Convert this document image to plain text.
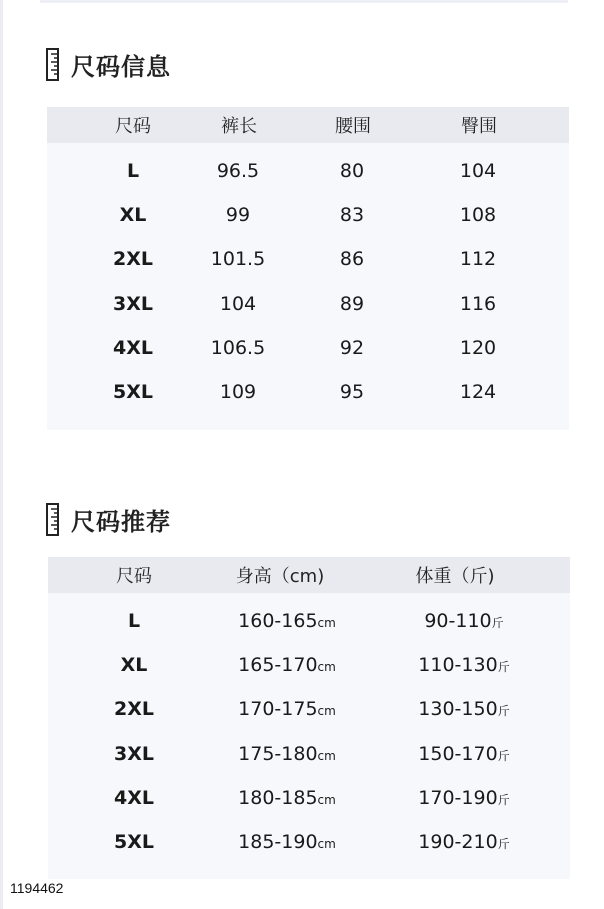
尺码信息
尺码	裤长	腰围	臀围
L	96.5	80	104
XL	99	83	108
2XL	101.5	86	112
3XL	104	89	116
4XL	106.5	92	120
5XL	109	95	124
尺码推荐
尺码	身高（cm)	体重（斤)
L	160-165cm	90-110斤
XL	165-170cm	110-130斤
2XL	170-175cm	130-150斤
3XL	175-180cm	150-170斤
4XL	180-185cm	170-190斤
5XL	185-190cm	190-210斤
1194462
